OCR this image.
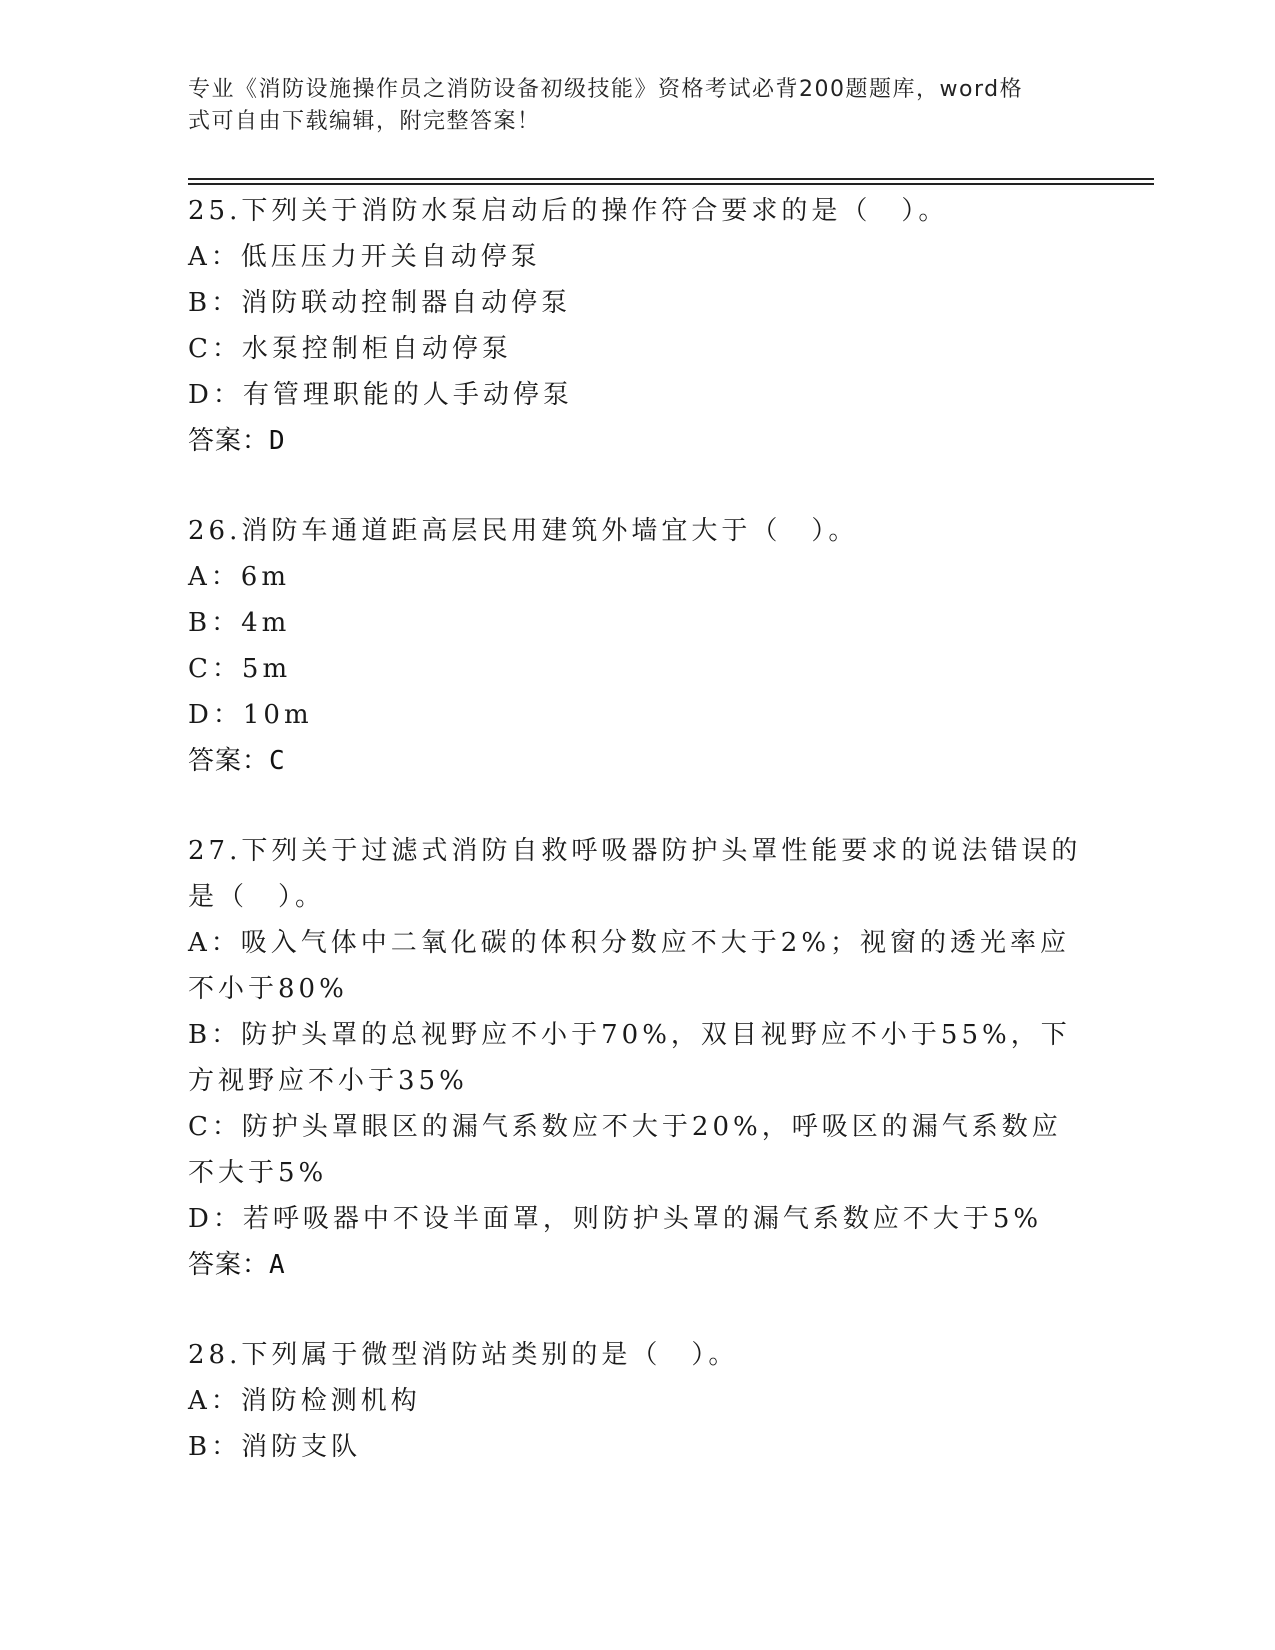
专业《消防设施操作员之消防设备初级技能》资格考试必背200题题库，word格
式可自由下载编辑，附完整答案！
25.下列关于消防水泵启动后的操作符合要求的是（　）。
A：低压压力开关自动停泵
B：消防联动控制器自动停泵
C：水泵控制柜自动停泵
D：有管理职能的人手动停泵
答案：D
26.消防车通道距高层民用建筑外墙宜大于（　）。
A：6m
B：4m
C：5m
D：10m
答案：C
27.下列关于过滤式消防自救呼吸器防护头罩性能要求的说法错误的是（　）。
A：吸入气体中二氧化碳的体积分数应不大于2%；视窗的透光率应不小于80%
B：防护头罩的总视野应不小于70%，双目视野应不小于55%，下方视野应不小于35%
C：防护头罩眼区的漏气系数应不大于20%，呼吸区的漏气系数应不大于5%
D：若呼吸器中不设半面罩，则防护头罩的漏气系数应不大于5%
答案：A
28.下列属于微型消防站类别的是（　）。
A：消防检测机构
B：消防支队
